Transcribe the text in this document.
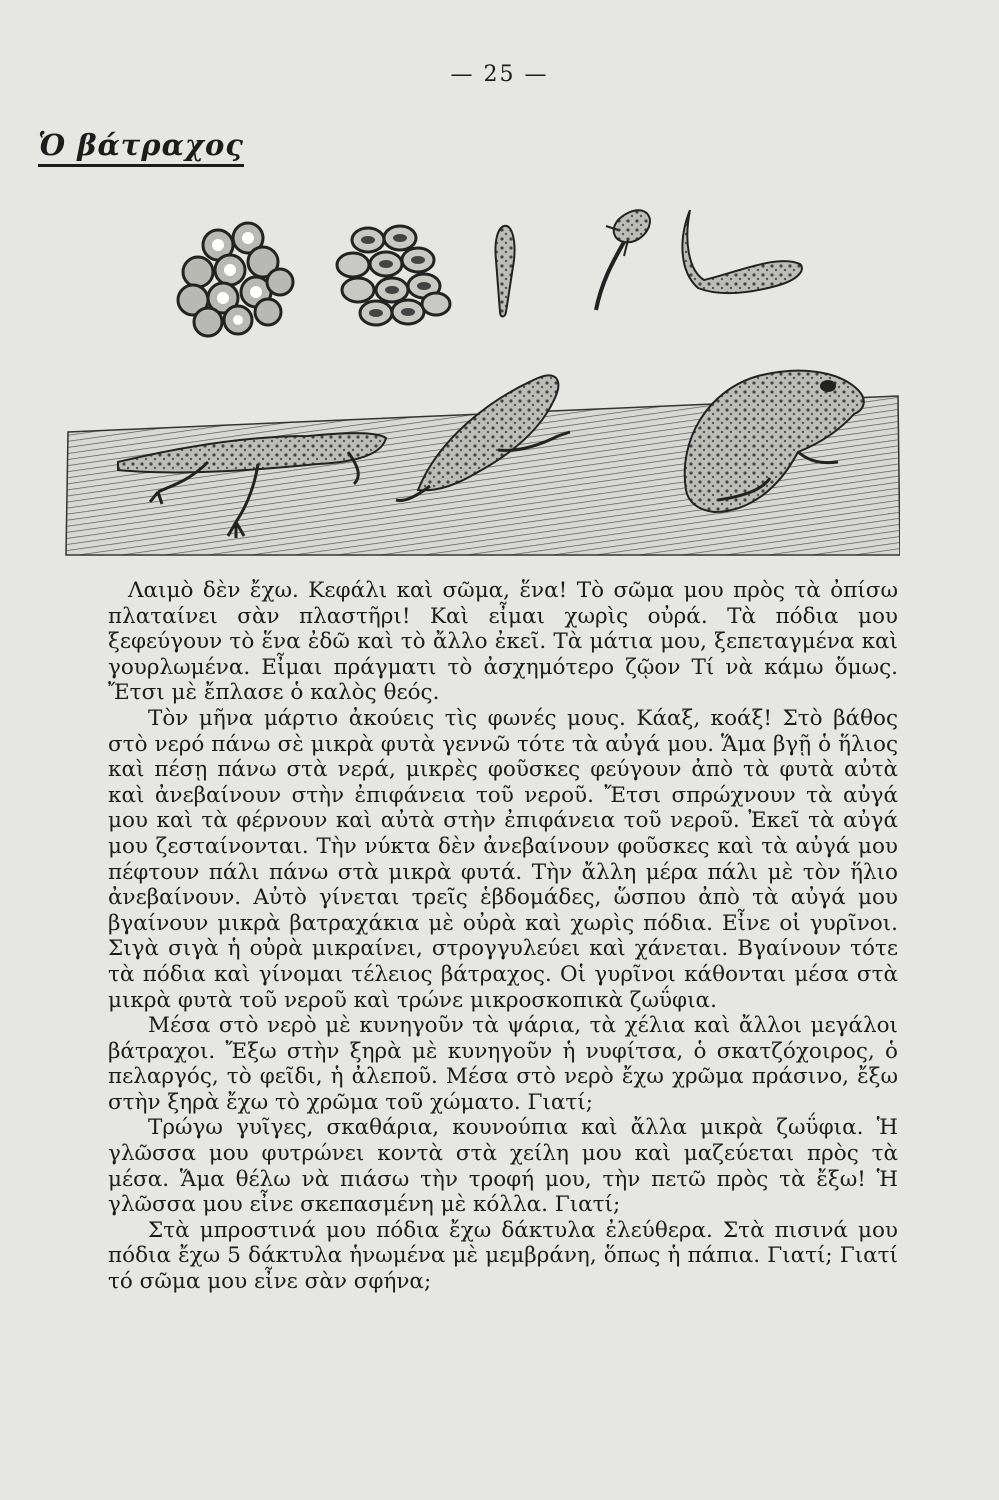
— 25 —
Ὁ βάτραχος

Λαιμὸ δὲν ἔχω. Κεφάλι καὶ σῶμα, ἕνα! Τὸ σῶμα μου πρὸς τὰ ὀπίσω πλαταίνει σὰν πλαστῆρι! Καὶ εἶμαι χωρὶς οὐρά. Τὰ πόδια μου ξεφεύγουν τὸ ἕνα ἐδῶ καὶ τὸ ἄλλο ἐκεῖ. Τὰ μάτια μου, ξεπεταγμένα καὶ γουρλωμένα. Εἶμαι πράγματι τὸ ἀσχημότερο ζῷον Τί νὰ κάμω ὅμως. Ἔτσι μὲ ἔπλασε ὁ καλὸς θεός.

Τὸν μῆνα μάρτιο ἀκούεις τὶς φωνές μους. Κάαξ, κοάξ! Στὸ βάθος στὸ νερό πάνω σὲ μικρὰ φυτὰ γεννῶ τότε τὰ αὐγά μου. Ἅμα βγῇ ὁ ἥλιος καὶ πέσῃ πάνω στὰ νερά, μικρὲς φοῦσκες φεύγουν ἀπὸ τὰ φυτὰ αὐτὰ καὶ ἀνεβαίνουν στὴν ἐπιφάνεια τοῦ νεροῦ. Ἔτσι σπρώχνουν τὰ αὐγά μου καὶ τὰ φέρνουν καὶ αὐτὰ στὴν ἐπιφάνεια τοῦ νεροῦ. Ἐκεῖ τὰ αὐγά μου ζεσταίνονται. Τὴν νύκτα δὲν ἀνεβαίνουν φοῦσκες καὶ τὰ αὐγά μου πέφτουν πάλι πάνω στὰ μικρὰ φυτά. Τὴν ἄλλη μέρα πάλι μὲ τὸν ἥλιο ἀνεβαίνουν. Αὐτὸ γίνεται τρεῖς ἑβδομάδες, ὥσπου ἀπὸ τὰ αὐγά μου βγαίνουν μικρὰ βατραχάκια μὲ οὐρὰ καὶ χωρὶς πόδια. Εἶνε οἱ γυρῖνοι. Σιγὰ σιγὰ ἡ οὐρὰ μικραίνει, στρογγυλεύει καὶ χάνεται. Βγαίνουν τότε τὰ πόδια καὶ γίνομαι τέλειος βάτραχος. Οἱ γυρῖνοι κάθονται μέσα στὰ μικρὰ φυτὰ τοῦ νεροῦ καὶ τρώνε μικροσκοπικὰ ζωΰφια.

Μέσα στὸ νερὸ μὲ κυνηγοῦν τὰ ψάρια, τὰ χέλια καὶ ἄλλοι μεγάλοι βάτραχοι. Ἔξω στὴν ξηρὰ μὲ κυνηγοῦν ἡ νυφίτσα, ὁ σκατζόχοιρος, ὁ πελαργός, τὸ φεῖδι, ἡ ἀλεποῦ. Μέσα στὸ νερὸ ἔχω χρῶμα πράσινο, ἔξω στὴν ξηρὰ ἔχω τὸ χρῶμα τοῦ χώματο. Γιατί;

Τρώγω γυῖγες, σκαθάρια, κουνούπια καὶ ἄλλα μικρὰ ζωΰφια. Ἡ γλῶσσα μου φυτρώνει κοντὰ στὰ χείλη μου καὶ μαζεύεται πρὸς τὰ μέσα. Ἅμα θέλω νὰ πιάσω τὴν τροφή μου, τὴν πετῶ πρὸς τὰ ἔξω! Ἡ γλῶσσα μου εἶνε σκεπασμένη μὲ κόλλα. Γιατί;

Στὰ μπροστινά μου πόδια ἔχω δάκτυλα ἐλεύθερα. Στὰ πισινά μου πόδια ἔχω 5 δάκτυλα ἡνωμένα μὲ μεμβράνη, ὅπως ἡ πάπια. Γιατί; Γιατί τό σῶμα μου εἶνε σὰν σφήνα;
